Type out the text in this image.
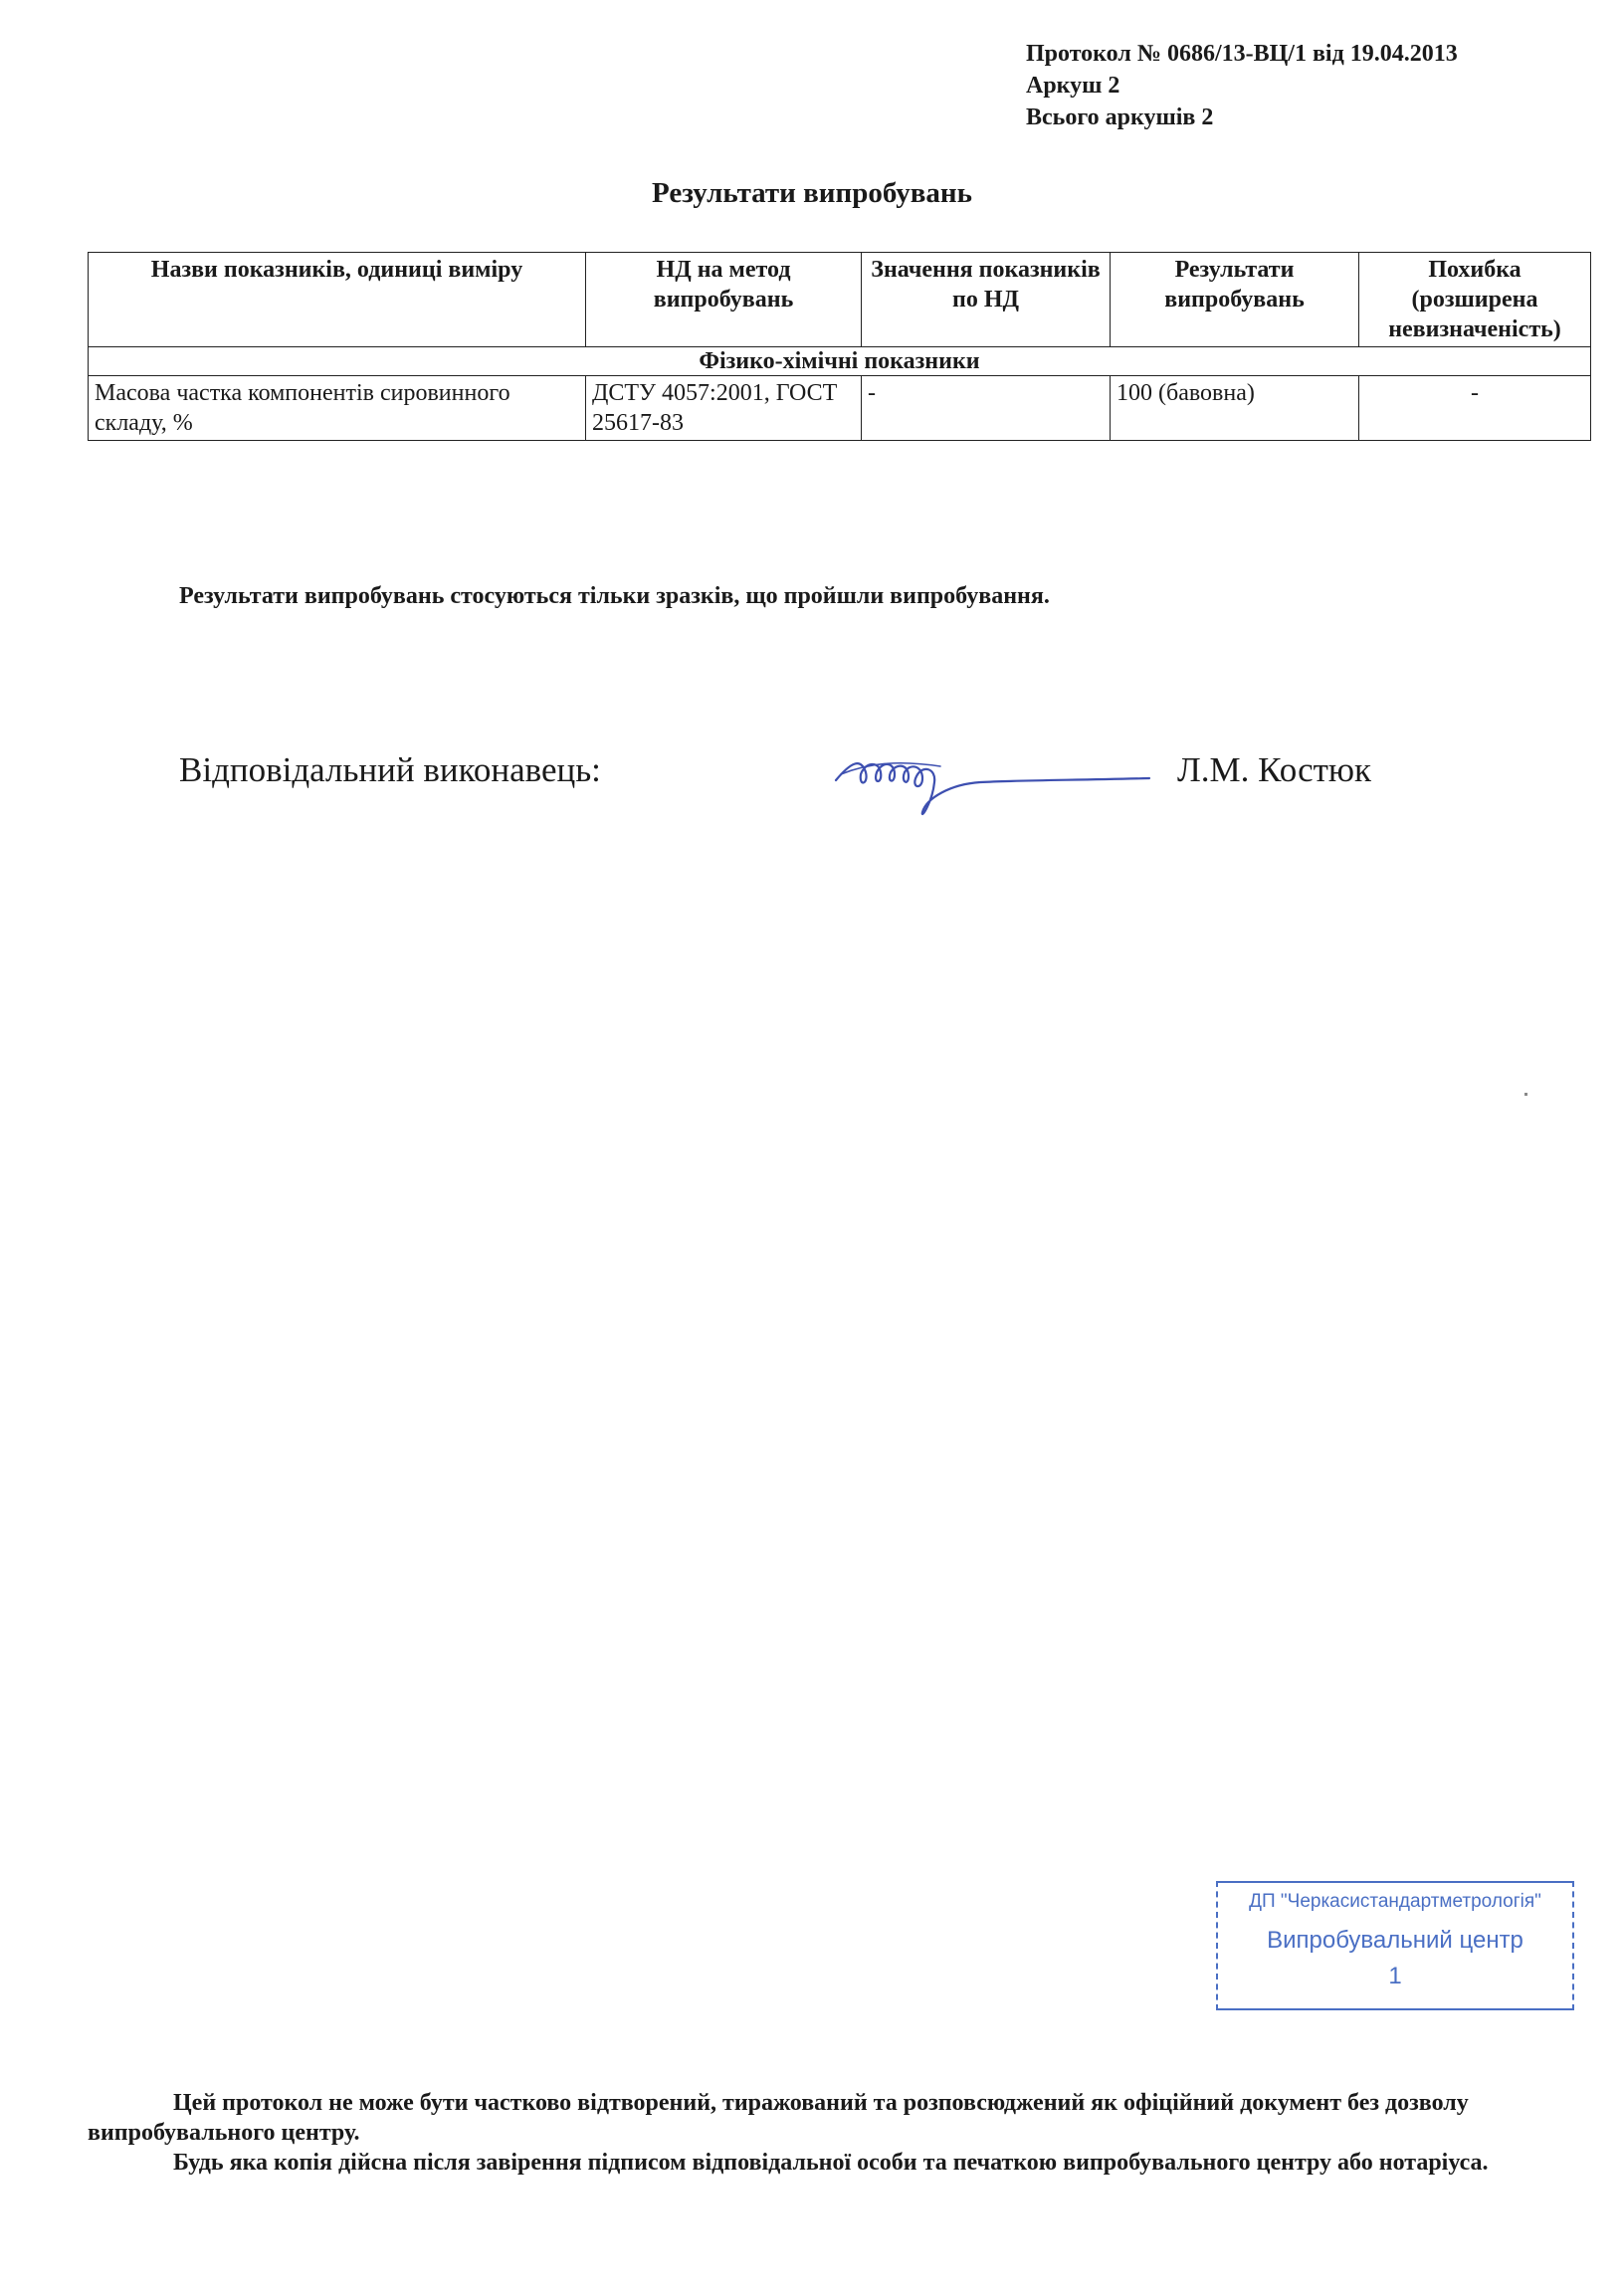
Протокол № 0686/13-ВЦ/1 від 19.04.2013
Аркуш 2
Всього аркушів 2
Результати випробувань
Назви показників, одиниці виміру	НД на метод випробувань	Значення показників по НД	Результати випробувань	Похибка (розширена невизначеність)
Фізико-хімічні показники				
Масова частка компонентів сировинного складу, %	ДСТУ 4057:2001, ГОСТ 25617-83	-	100 (бавовна)	-
Результати випробувань стосуються тільки зразків, що пройшли випробування.
Відповідальний виконавець:	Л.М. Костюк
ДП "Черкасистандартметрологія"
Випробувальний центр
1

Цей протокол не може бути частково відтворений, тиражований та розповсюджений як офіційний документ без дозволу випробувального центру.

Будь яка копія дійсна після завірення підписом відповідальної особи та печаткою випробувального центру або нотаріуса.
